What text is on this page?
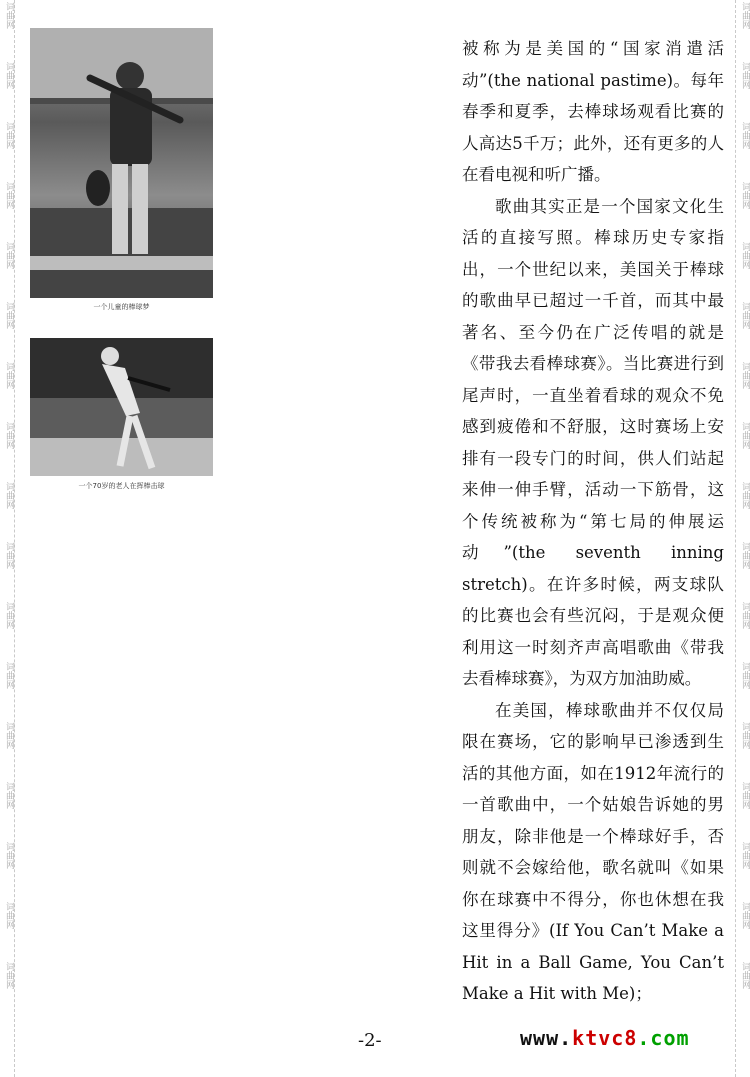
词曲网
词曲网
词曲网
词曲网
词曲网
词曲网
词曲网
词曲网
词曲网
词曲网
词曲网
词曲网
词曲网
词曲网
词曲网
词曲网
词曲网
词曲网
词曲网
词曲网
词曲网
词曲网
词曲网
词曲网
词曲网
词曲网
词曲网
词曲网
词曲网
词曲网
词曲网
词曲网
词曲网
词曲网
一个儿童的棒球梦
一个70岁的老人在挥棒击球

被称为是美国的“国家消遣活动”(the national pastime)。每年春季和夏季，去棒球场观看比赛的人高达5千万；此外，还有更多的人在看电视和听广播。

歌曲其实正是一个国家文化生活的直接写照。棒球历史专家指出，一个世纪以来，美国关于棒球的歌曲早已超过一千首，而其中最著名、至今仍在广泛传唱的就是《带我去看棒球赛》。当比赛进行到尾声时，一直坐着看球的观众不免感到疲倦和不舒服，这时赛场上安排有一段专门的时间，供人们站起来伸一伸手臂，活动一下筋骨，这个传统被称为“第七局的伸展运动”(the seventh inning stretch)。在许多时候，两支球队的比赛也会有些沉闷，于是观众便利用这一时刻齐声高唱歌曲《带我去看棒球赛》，为双方加油助威。

在美国，棒球歌曲并不仅仅局限在赛场，它的影响早已渗透到生活的其他方面，如在1912年流行的一首歌曲中，一个姑娘告诉她的男朋友，除非他是一个棒球好手，否则就不会嫁给他，歌名就叫《如果你在球赛中不得分，你也休想在我这里得分》(If You Can’t Make a Hit in a Ball Game, You Can’t Make a Hit with Me)；

-2-	www.ktvc8.com
